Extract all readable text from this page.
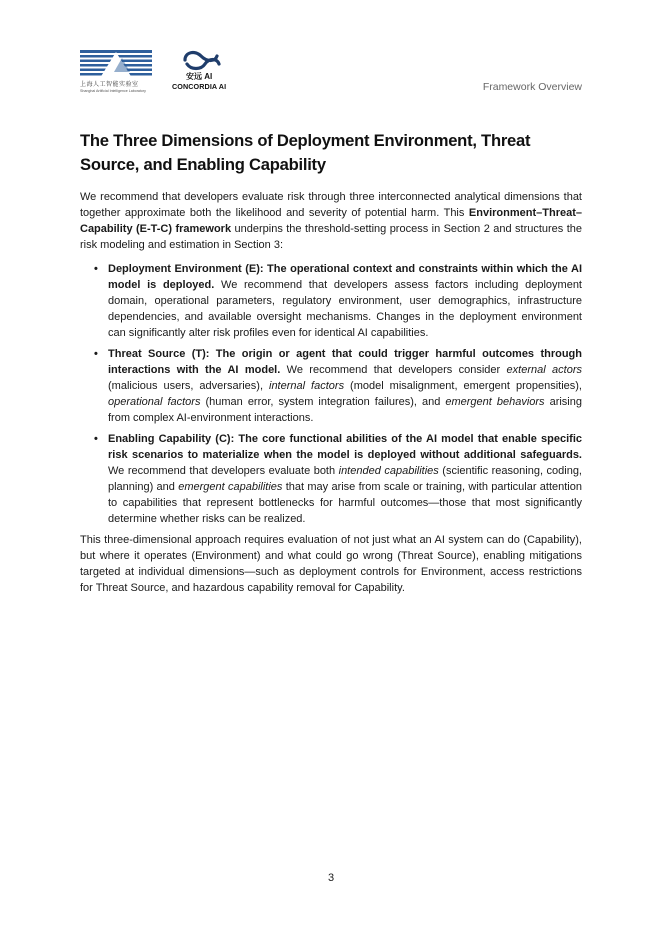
上海人工智能实验室
Shanghai Artificial Intelligence Laboratory
安远 AI
CONCORDIA AI	Framework Overview
The Three Dimensions of Deployment Environment, Threat Source, and Enabling Capability

We recommend that developers evaluate risk through three interconnected analytical dimensions that together approximate both the likelihood and severity of potential harm. This Environment–Threat–Capability (E-T-C) framework underpins the threshold-setting process in Section 2 and structures the risk modeling and estimation in Section 3:

• Deployment Environment (E): The operational context and constraints within which the AI model is deployed. We recommend that developers assess factors including deployment domain, operational parameters, regulatory environment, user demographics, infrastructure dependencies, and available oversight mechanisms. Changes in the deployment environment can significantly alter risk profiles even for identical AI capabilities.
• Threat Source (T): The origin or agent that could trigger harmful outcomes through interactions with the AI model. We recommend that developers consider external actors (malicious users, adversaries), internal factors (model misalignment, emergent propensities), operational factors (human error, system integration failures), and emergent behaviors arising from complex AI-environment interactions.
• Enabling Capability (C): The core functional abilities of the AI model that enable specific risk scenarios to materialize when the model is deployed without additional safeguards. We recommend that developers evaluate both intended capabilities (scientific reasoning, coding, planning) and emergent capabilities that may arise from scale or training, with particular attention to capabilities that represent bottlenecks for harmful outcomes—those that most significantly determine whether risks can be realized.

This three-dimensional approach requires evaluation of not just what an AI system can do (Capability), but where it operates (Environment) and what could go wrong (Threat Source), enabling mitigations targeted at individual dimensions—such as deployment controls for Environment, access restrictions for Threat Source, and hazardous capability removal for Capability.

3
